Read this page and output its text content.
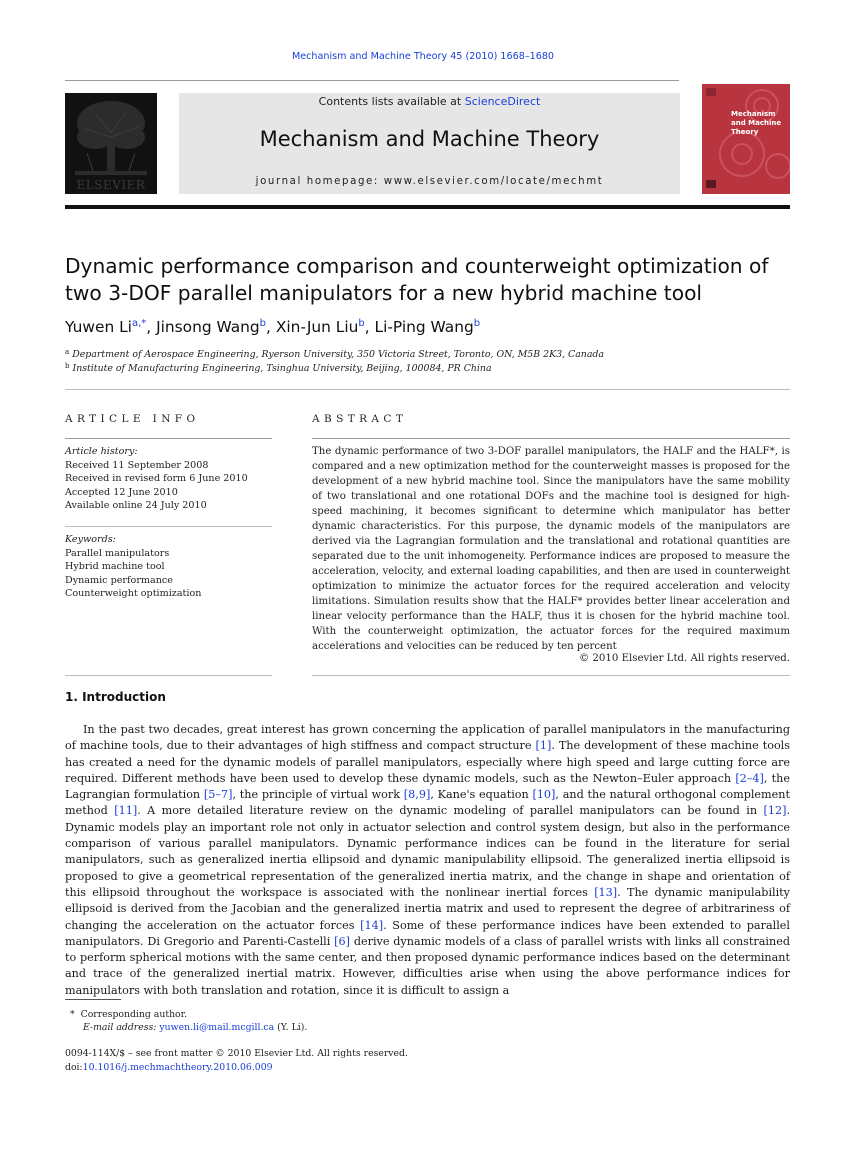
Mechanism and Machine Theory 45 (2010) 1668–1680
ELSEVIER
Contents lists available at ScienceDirect
Mechanism and Machine Theory
journal homepage: www.elsevier.com/locate/mechmt
Mechanism and Machine Theory
Dynamic performance comparison and counterweight optimization of two 3-DOF parallel manipulators for a new hybrid machine tool
Yuwen $Li^{a,*}$, Jinsong Wang$^b$, Xin-Jun Liu$^b$, Li-Ping Wang$^b$
$^a$ Department of Aerospace Engineering, Ryerson University, 350 Victoria Street, Toronto, ON, M5B 2K3, Canada
$^b$ Institute of Manufacturing Engineering, Tsinghua University, Beijing, 100084, PR China
ARTICLE INFO	ABSTRACT
Article history:
Received 11 September 2008
Received in revised form 6 June 2010
Accepted 12 June 2010
Available online 24 July 2010
Keywords:
Parallel manipulators
Hybrid machine tool
Dynamic performance
Counterweight optimization
The dynamic performance of two 3-DOF parallel manipulators, the HALF and the HALF*, is compared and a new optimization method for the counterweight masses is proposed for the development of a new hybrid machine tool. Since the manipulators have the same mobility of two translational and one rotational DOFs and the machine tool is designed for high-speed machining, it becomes significant to determine which manipulator has better dynamic characteristics. For this purpose, the dynamic models of the manipulators are derived via the Lagrangian formulation and the translational and rotational quantities are separated due to the unit inhomogeneity. Performance indices are proposed to measure the acceleration, velocity, and external loading capabilities, and then are used in counterweight optimization to minimize the actuator forces for the required acceleration and velocity limitations. Simulation results show that the HALF* provides better linear acceleration and linear velocity performance than the HALF, thus it is chosen for the hybrid machine tool. With the counterweight optimization, the actuator forces for the required maximum accelerations and velocities can be reduced by ten percent
© 2010 Elsevier Ltd. All rights reserved.
1. Introduction
In the past two decades, great interest has grown concerning the application of parallel manipulators in the manufacturing of machine tools, due to their advantages of high stiffness and compact structure [1]. The development of these machine tools has created a need for the dynamic models of parallel manipulators, especially where high speed and large cutting force are required. Different methods have been used to develop these dynamic models, such as the Newton–Euler approach [2–4], the Lagrangian formulation [5–7], the principle of virtual work [8,9], Kane's equation [10], and the natural orthogonal complement method [11]. A more detailed literature review on the dynamic modeling of parallel manipulators can be found in [12]. Dynamic models play an important role not only in actuator selection and control system design, but also in the performance comparison of various parallel manipulators. Dynamic performance indices can be found in the literature for serial manipulators, such as generalized inertia ellipsoid and dynamic manipulability ellipsoid. The generalized inertia ellipsoid is proposed to give a geometrical representation of the generalized inertia matrix, and the change in shape and orientation of this ellipsoid throughout the workspace is associated with the nonlinear inertial forces [13]. The dynamic manipulability ellipsoid is derived from the Jacobian and the generalized inertia matrix and used to represent the degree of arbitrariness of changing the acceleration on the actuator forces [14]. Some of these performance indices have been extended to parallel manipulators. Di Gregorio and Parenti-Castelli [6] derive dynamic models of a class of parallel wrists with links all constrained to perform spherical motions with the same center, and then proposed dynamic performance indices based on the determinant and trace of the generalized inertial matrix. However, difficulties arise when using the above performance indices for manipulators with both translation and rotation, since it is difficult to assign a
* Corresponding author.
E-mail address: yuwen.li@mail.mcgill.ca (Y. Li).
0094-114X/$ – see front matter © 2010 Elsevier Ltd. All rights reserved.
doi:10.1016/j.mechmachtheory.2010.06.009
